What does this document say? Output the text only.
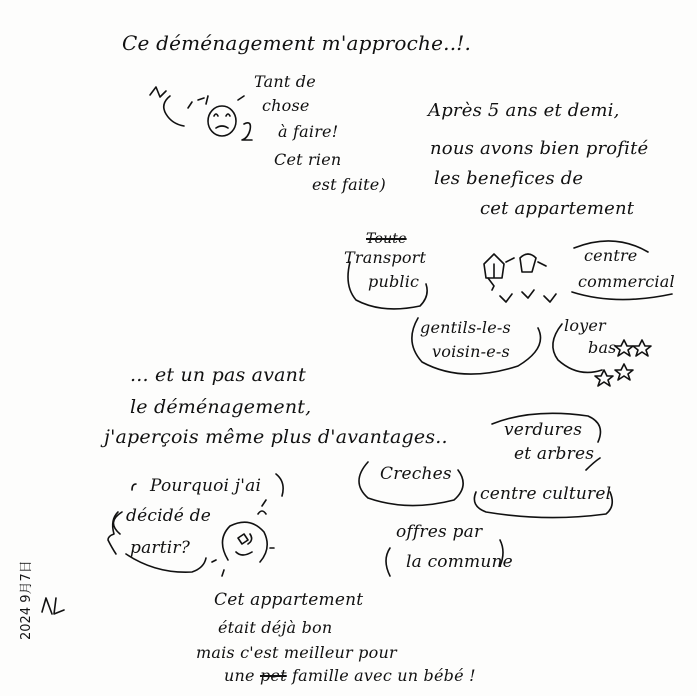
Ce déménagement m'approche..!.
Tant de
chose
à faire!
Cet rien
est faite)
Après 5 ans et demi,
nous avons bien profité
les benefices de
cet appartement
Toute
Transport
public
centre
commercial
gentils-le-s
voisin-e-s
loyer
bas
... et un pas avant
le déménagement,
j'aperçois même plus d'avantages..	verdures
et arbres
Creches
centre culturel
offres par
la commune
Pourquoi j'ai
décidé de
partir?
Cet appartement
était déjà bon
mais c'est meilleur pour
une pet famille avec un bébé !
2024 9月7日
